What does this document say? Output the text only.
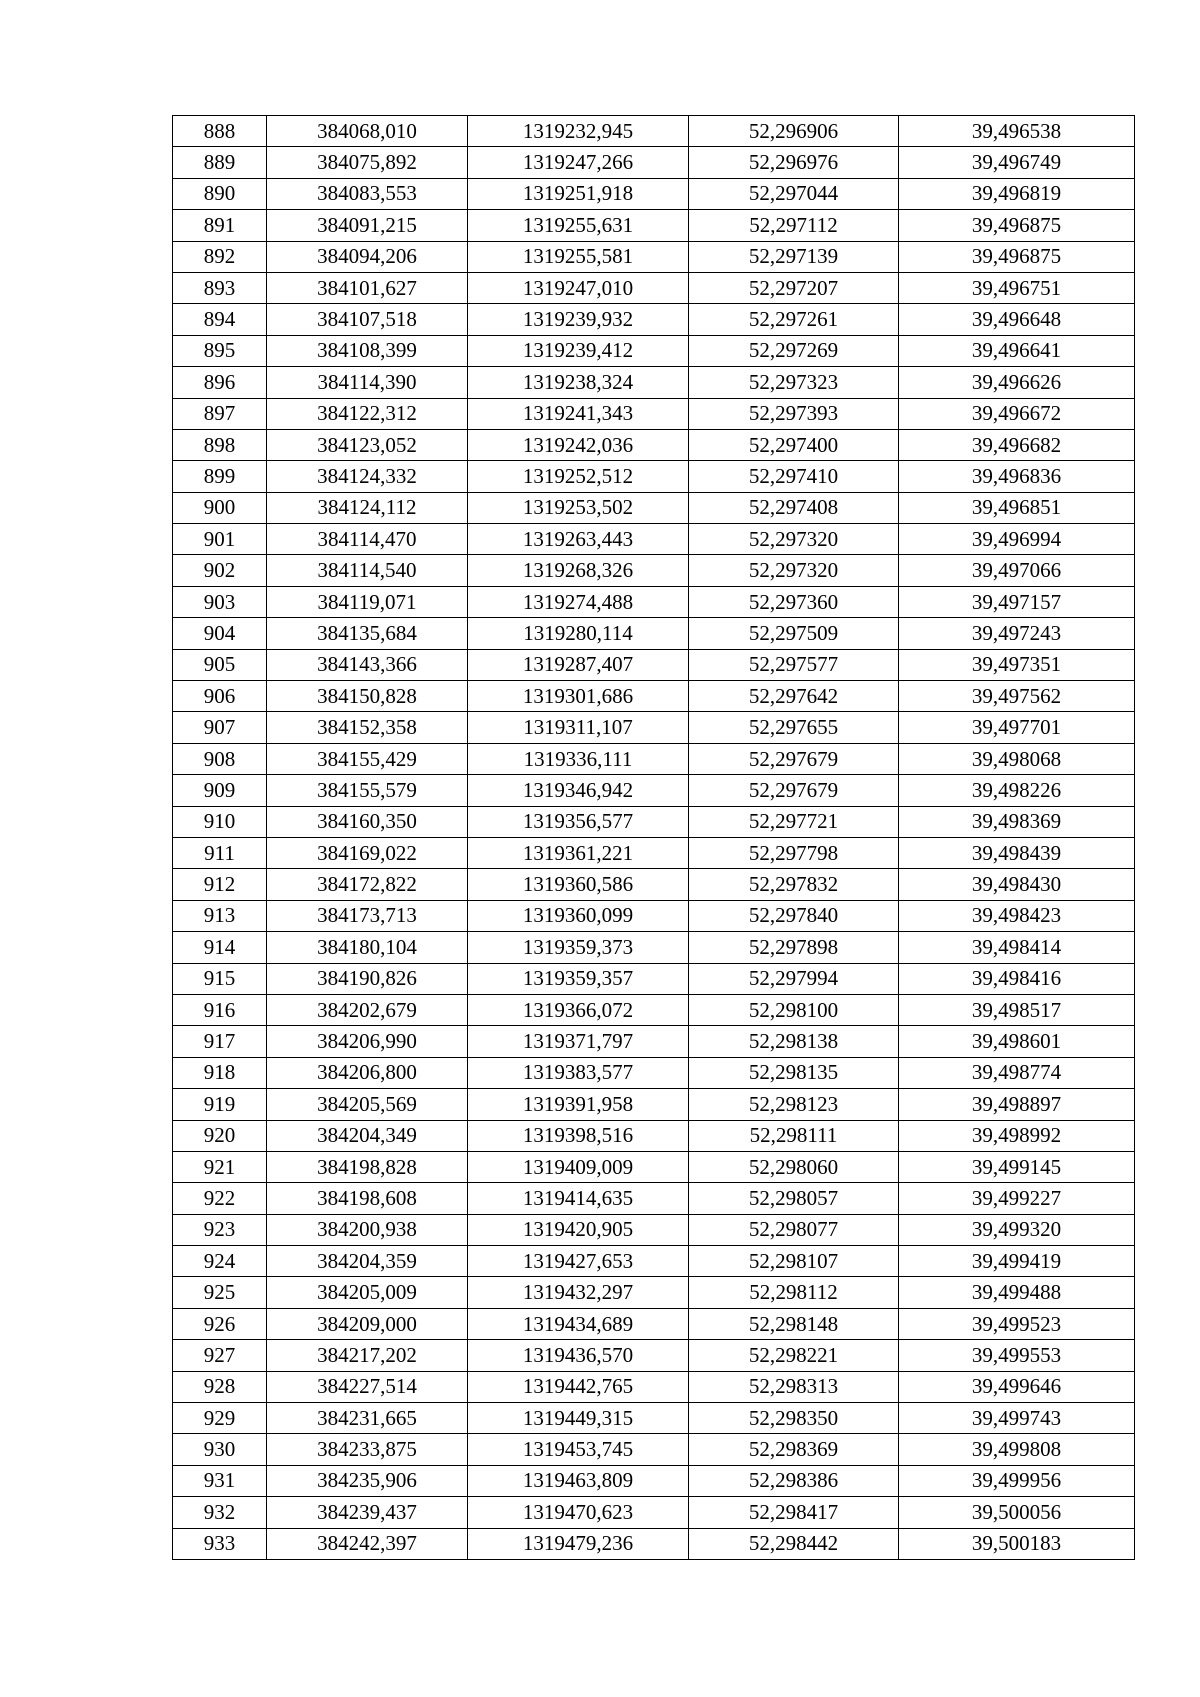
888	384068,010	1319232,945	52,296906	39,496538
889	384075,892	1319247,266	52,296976	39,496749
890	384083,553	1319251,918	52,297044	39,496819
891	384091,215	1319255,631	52,297112	39,496875
892	384094,206	1319255,581	52,297139	39,496875
893	384101,627	1319247,010	52,297207	39,496751
894	384107,518	1319239,932	52,297261	39,496648
895	384108,399	1319239,412	52,297269	39,496641
896	384114,390	1319238,324	52,297323	39,496626
897	384122,312	1319241,343	52,297393	39,496672
898	384123,052	1319242,036	52,297400	39,496682
899	384124,332	1319252,512	52,297410	39,496836
900	384124,112	1319253,502	52,297408	39,496851
901	384114,470	1319263,443	52,297320	39,496994
902	384114,540	1319268,326	52,297320	39,497066
903	384119,071	1319274,488	52,297360	39,497157
904	384135,684	1319280,114	52,297509	39,497243
905	384143,366	1319287,407	52,297577	39,497351
906	384150,828	1319301,686	52,297642	39,497562
907	384152,358	1319311,107	52,297655	39,497701
908	384155,429	1319336,111	52,297679	39,498068
909	384155,579	1319346,942	52,297679	39,498226
910	384160,350	1319356,577	52,297721	39,498369
911	384169,022	1319361,221	52,297798	39,498439
912	384172,822	1319360,586	52,297832	39,498430
913	384173,713	1319360,099	52,297840	39,498423
914	384180,104	1319359,373	52,297898	39,498414
915	384190,826	1319359,357	52,297994	39,498416
916	384202,679	1319366,072	52,298100	39,498517
917	384206,990	1319371,797	52,298138	39,498601
918	384206,800	1319383,577	52,298135	39,498774
919	384205,569	1319391,958	52,298123	39,498897
920	384204,349	1319398,516	52,298111	39,498992
921	384198,828	1319409,009	52,298060	39,499145
922	384198,608	1319414,635	52,298057	39,499227
923	384200,938	1319420,905	52,298077	39,499320
924	384204,359	1319427,653	52,298107	39,499419
925	384205,009	1319432,297	52,298112	39,499488
926	384209,000	1319434,689	52,298148	39,499523
927	384217,202	1319436,570	52,298221	39,499553
928	384227,514	1319442,765	52,298313	39,499646
929	384231,665	1319449,315	52,298350	39,499743
930	384233,875	1319453,745	52,298369	39,499808
931	384235,906	1319463,809	52,298386	39,499956
932	384239,437	1319470,623	52,298417	39,500056
933	384242,397	1319479,236	52,298442	39,500183
